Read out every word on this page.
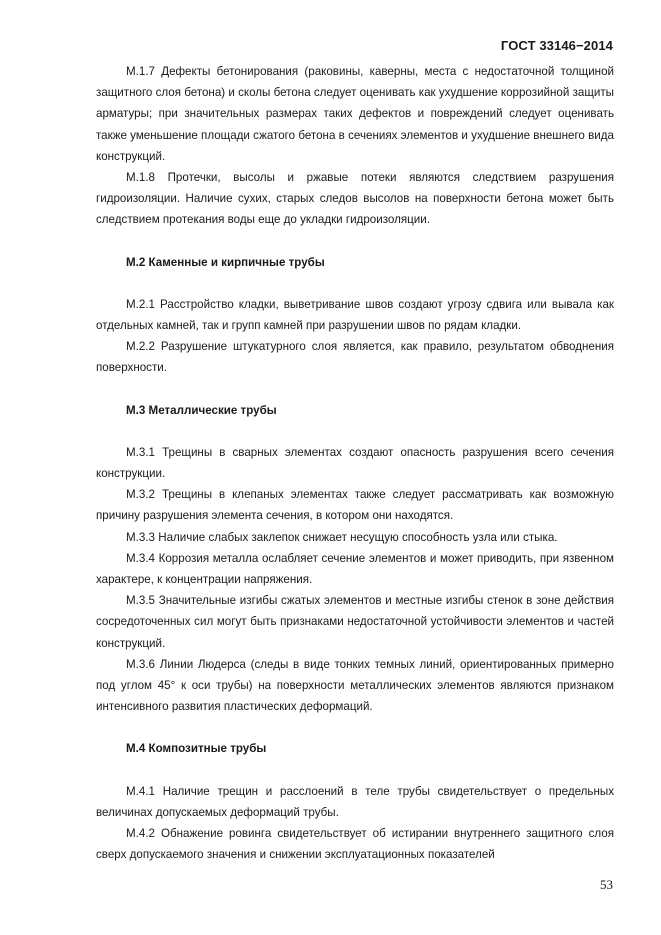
ГОСТ 33146−2014

М.1.7 Дефекты бетонирования (раковины, каверны, места с недостаточной толщиной защитного слоя бетона) и сколы бетона следует оценивать как ухудшение коррозийной защиты арматуры; при значительных размерах таких дефектов и повреждений следует оценивать также уменьшение площади сжатого бетона в сечениях элементов и ухудшение внешнего вида конструкций.

М.1.8 Протечки, высолы и ржавые потеки являются следствием разрушения гидроизоляции. Наличие сухих, старых следов высолов на поверхности бетона может быть следствием протекания воды еще до укладки гидроизоляции.

М.2 Каменные и кирпичные трубы

М.2.1 Расстройство кладки, выветривание швов создают угрозу сдвига или вывала как отдельных камней, так и групп камней при разрушении швов по рядам кладки.

М.2.2 Разрушение штукатурного слоя является, как правило, результатом обводнения поверхности.

М.3 Металлические трубы

М.3.1 Трещины в сварных элементах создают опасность разрушения всего сечения конструкции.

М.3.2 Трещины в клепаных элементах также следует рассматривать как возможную причину разрушения элемента сечения, в котором они находятся.

М.3.3 Наличие слабых заклепок снижает несущую способность узла или стыка.

М.3.4 Коррозия металла ослабляет сечение элементов и может приводить, при язвенном характере, к концентрации напряжения.

М.3.5 Значительные изгибы сжатых элементов и местные изгибы стенок в зоне действия сосредоточенных сил могут быть признаками недостаточной устойчивости элементов и частей конструкций.

М.3.6 Линии Людерса (следы в виде тонких темных линий, ориентированных примерно под углом 45° к оси трубы) на поверхности металлических элементов являются признаком интенсивного развития пластических деформаций.

М.4 Композитные трубы

М.4.1 Наличие трещин и расслоений в теле трубы свидетельствует о предельных величинах допускаемых деформаций трубы.

М.4.2 Обнажение ровинга свидетельствует об истирании внутреннего защитного слоя сверх допускаемого значения и снижении эксплуатационных показателей

53
